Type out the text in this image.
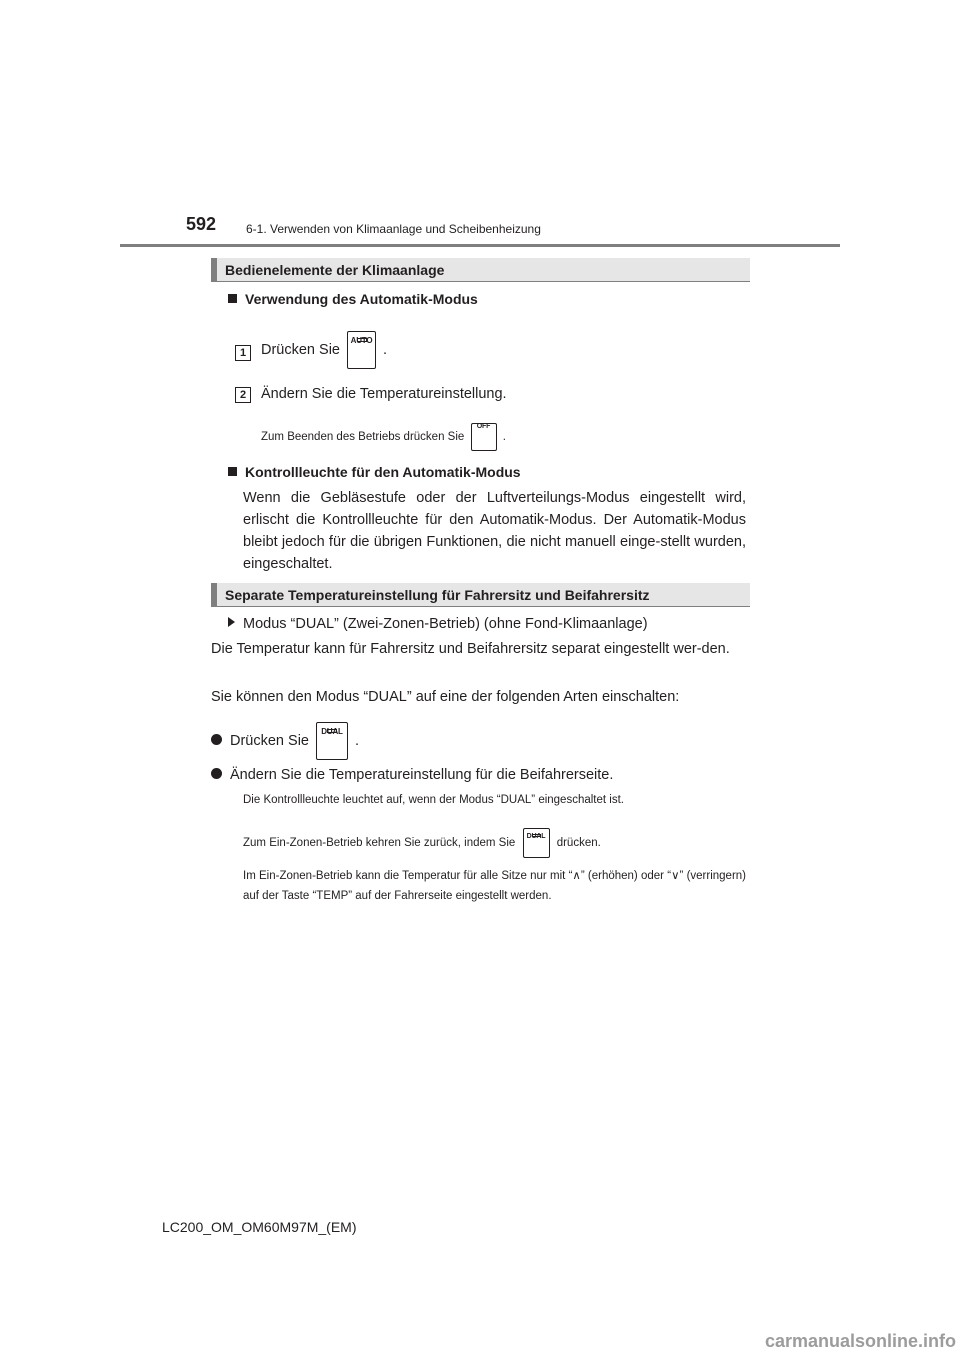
592 6-1. Verwenden von Klimaanlage und Scheibenheizung
Bedienelemente der Klimaanlage
Verwendung des Automatik-Modus
1	Drücken Sie
AUTO
.
2	Ändern Sie die Temperatureinstellung.
Zum Beenden des Betriebs drücken Sie
OFF
.
Kontrollleuchte für den Automatik-Modus
Wenn die Gebläsestufe oder der Luftverteilungs-Modus eingestellt wird, erlischt die Kontrollleuchte für den Automatik-Modus. Der Automatik-Modus bleibt jedoch für die übrigen Funktionen, die nicht manuell einge-stellt wurden, eingeschaltet.
Separate Temperatureinstellung für Fahrersitz und Beifahrersitz
Modus “DUAL” (Zwei-Zonen-Betrieb) (ohne Fond-Klimaanlage)
Die Temperatur kann für Fahrersitz und Beifahrersitz separat eingestellt wer-den.
Sie können den Modus “DUAL” auf eine der folgenden Arten einschalten:
Drücken Sie
DUAL
.
Ändern Sie die Temperatureinstellung für die Beifahrerseite.
Die Kontrollleuchte leuchtet auf, wenn der Modus “DUAL” eingeschaltet ist.
Zum Ein-Zonen-Betrieb kehren Sie zurück, indem Sie
DUAL
drücken.
Im Ein-Zonen-Betrieb kann die Temperatur für alle Sitze nur mit “∧” (erhöhen) oder “∨” (verringern) auf der Taste “TEMP” auf der Fahrerseite eingestellt werden.
LC200_OM_OM60M97M_(EM)
carmanualsonline.info
